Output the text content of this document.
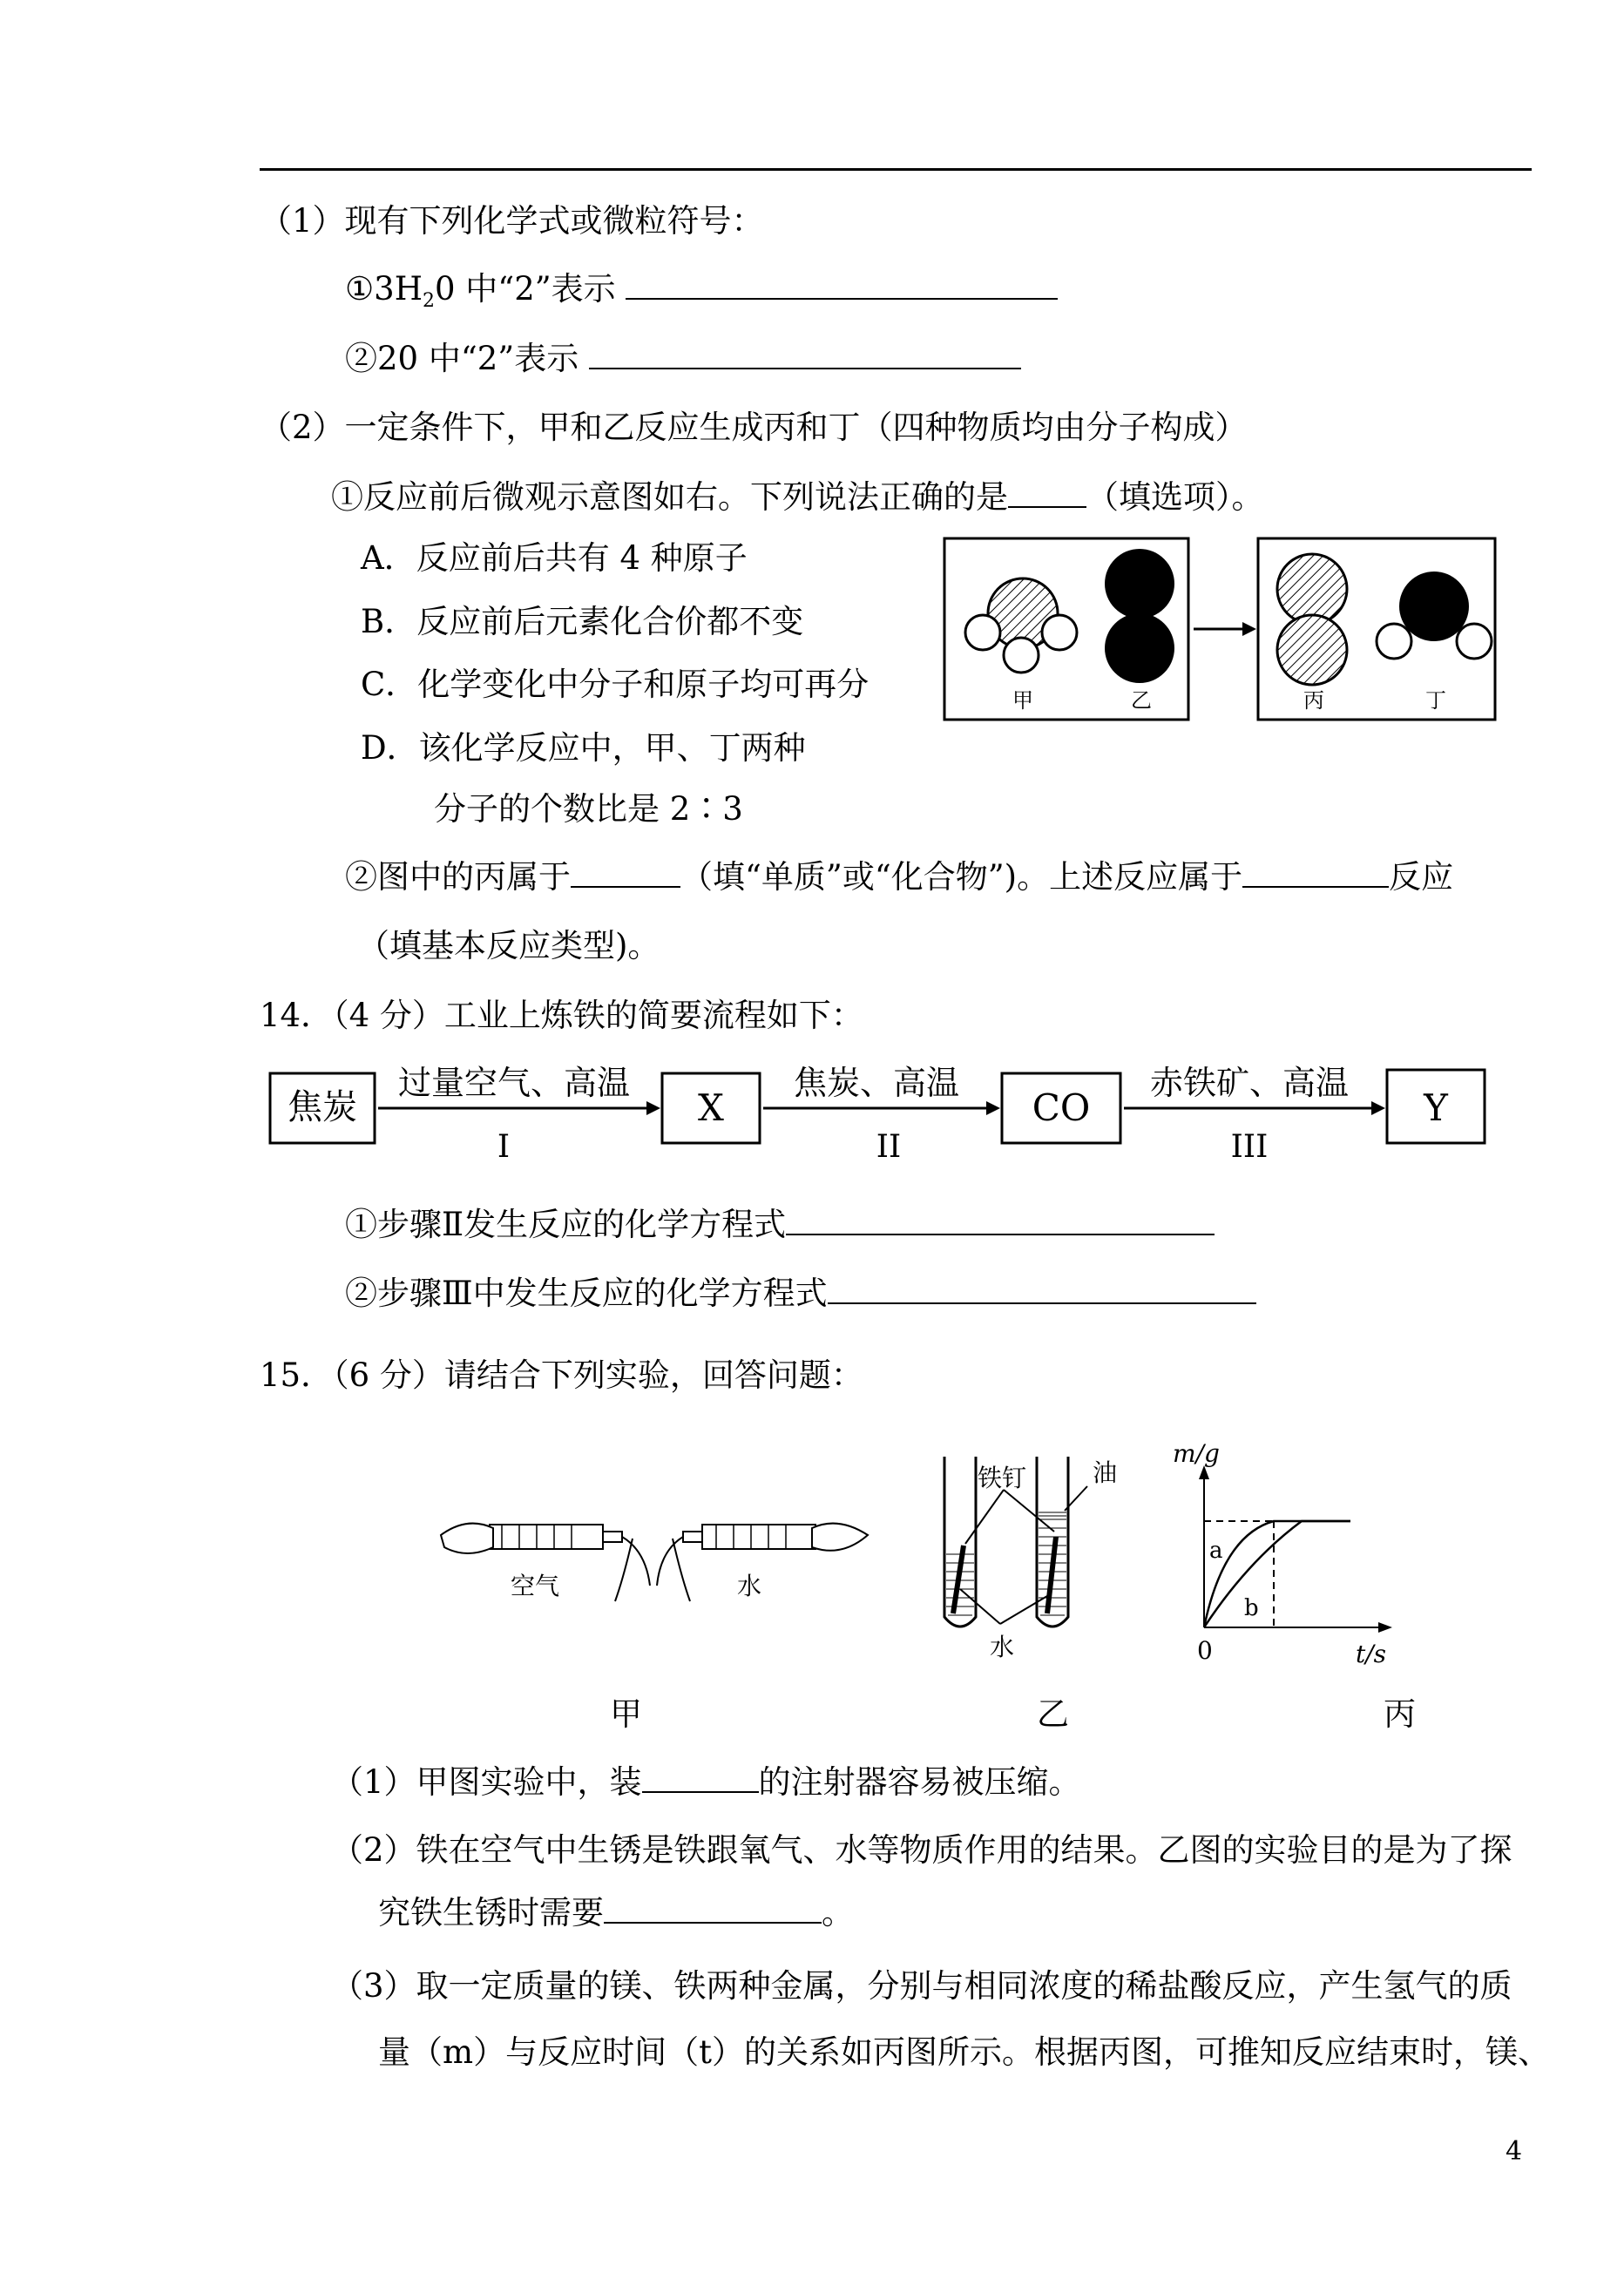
（1）现有下列化学式或微粒符号：
$①3H_20$ 中“2”表示
②20 中“2”表示
（2）一定条件下，甲和乙反应生成丙和丁（四种物质均由分子构成）
①反应前后微观示意图如右。下列说法正确的是 （填选项）。
A．反应前后共有 4 种原子
B．反应前后元素化合价都不变
C．化学变化中分子和原子均可再分
D．该化学反应中，甲、丁两种
分子的个数比是 2∶3
甲	乙	丙	丁
②图中的丙属于	（填“单质”或“化合物”)。上述反应属于	反应
（填基本反应类型)。
14．（4 分）工业上炼铁的简要流程如下：
焦炭
过量空气、高温
X
焦炭、高温
CO
赤铁矿、高温
Y
I	II	III
①步骤Ⅱ发生反应的化学方程式
②步骤Ⅲ中发生反应的化学方程式
15．（6 分）请结合下列实验，回答问题：
空气	水
铁钉	油
水
m/g
t/s
0
a
b
甲	乙	丙
（1）甲图实验中，装	的注射器容易被压缩。
（2）铁在空气中生锈是铁跟氧气、水等物质作用的结果。乙图的实验目的是为了探
究铁生锈时需要	。
（3）取一定质量的镁、铁两种金属，分别与相同浓度的稀盐酸反应，产生氢气的质
量（m）与反应时间（t）的关系如丙图所示。根据丙图，可推知反应结束时，镁、
4
